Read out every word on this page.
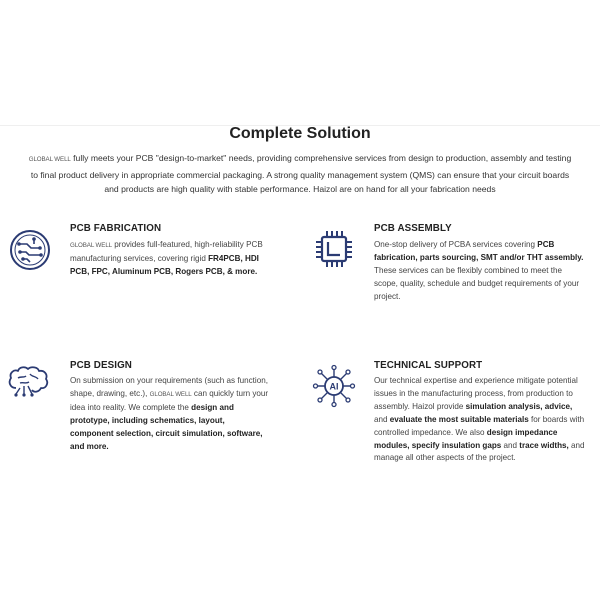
Complete Solution
GLOBAL WELL fully meets your PCB "design-to-market" needs, providing comprehensive services from design to production, assembly and testing to final product delivery in appropriate commercial packaging. A strong quality management system (QMS) can ensure that your circuit boards and products are high quality with stable performance. Haizol are on hand for all your fabrication needs
PCB FABRICATION
GLOBAL WELL provides full-featured, high-reliability PCB manufacturing services, covering rigid FR4PCB, HDI PCB, FPC, Aluminum PCB, Rogers PCB, & more.
PCB ASSEMBLY
One-stop delivery of PCBA services covering PCB fabrication, parts sourcing, SMT and/or THT assembly. These services can be flexibly combined to meet the scope, quality, schedule and budget requirements of your project.
PCB DESIGN
On submission on your requirements (such as function, shape, drawing, etc.), GLOBAL WELL can quickly turn your idea into reality. We complete the design and prototype, including schematics, layout, component selection, circuit simulation, software, and more.
AI
TECHNICAL SUPPORT
Our technical expertise and experience mitigate potential issues in the manufacturing process, from production to assembly. Haizol provide simulation analysis, advice, and evaluate the most suitable materials for boards with controlled impedance. We also design impedance modules, specify insulation gaps and trace widths, and manage all other aspects of the project.
